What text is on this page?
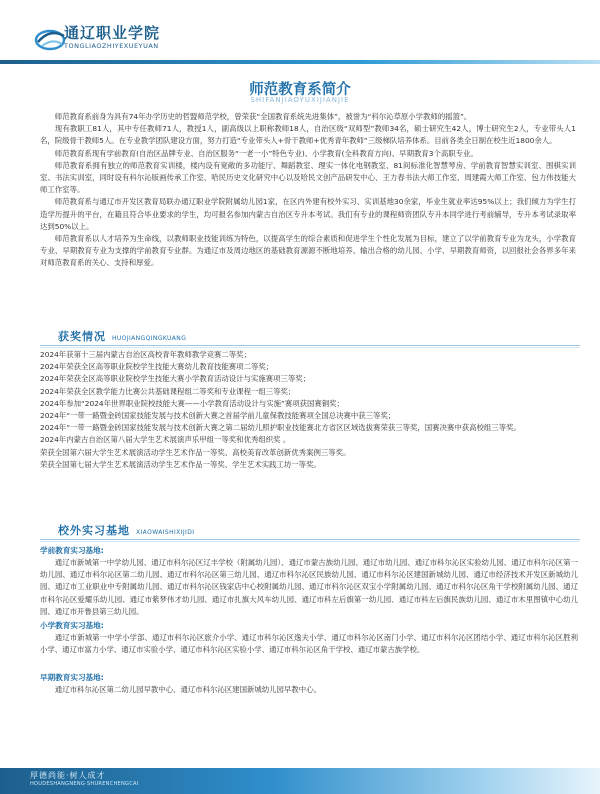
通辽职业学院
TONGLIAOZHIYEXUEYUAN
师范教育系简介
SHIFANJIAOYUXIJIANJIE

师范教育系前身为具有74年办学历史的哲盟师范学校，曾荣获“全国教育系统先进集体”，被誉为“科尔沁草原小学教师的摇篮”。

现有教职工81人，其中专任教师71人，教授1人，副高级以上职称教师18人，自治区级“双师型”教师34名，硕士研究生42人，博士研究生2人，专业带头人1名，院级骨干教师5人。在专业教学团队建设方面，努力打造“专业带头人+骨干教师+优秀青年教师”三级梯队培养体系。目前各类全日制在校生近1800余人。

师范教育系现有学前教育(自治区品牌专业、自治区服务“一老一小”特色专业)、小学教育(全科教育方向)、早期教育3个高职专业。

师范教育系拥有独立的师范教育实训楼，楼内设有宽敞的多功能厅、舞蹈教室、理实一体化电钢教室、81间标准化智慧琴房、学前教育智慧实训室、围棋实训室、书法实训室，同时设有科尔沁版画传承工作室、哈民历史文化研究中心以及哈民文创产品研发中心、王力春书法大师工作室、周建霞大师工作室、包力伟技能大师工作室等。

师范教育系与通辽市开发区教育局联办通辽职业学院附属幼儿园1家，在区内外建有校外实习、实训基地30余家，毕业生就业率达95%以上；我们倾力为学生打造学历提升的平台，在籍且符合毕业要求的学生，均可报名参加内蒙古自治区专升本考试。我们有专业的课程师资团队专升本同学进行考前辅导，专升本考试录取率达到50%以上。

师范教育系以人才培养为生命线，以教师职业技能训练为特色，以提高学生的综合素质和促进学生个性化发展为目标，建立了以学前教育专业为龙头，小学教育专业、早期教育专业为支撑的学前教育专业群。为通辽市及周边地区的基础教育源源不断地培养、输出合格的幼儿园、小学、早期教育师资，以回报社会各界多年来对师范教育系的关心、支持和厚爱。

获奖情况 HUOJIANGQINGKUANG
2024年获第十三届内蒙古自治区高校青年教师教学竞赛二等奖；
2024年荣获全区高等职业院校学生技能大赛幼儿教育技能赛项二等奖；
2024年荣获全区高等职业院校学生技能大赛小学教育活动设计与实施赛项三等奖；
2024年荣获全区教学能力比赛公共基础课程组二等奖和专业课程一组三等奖；
2024年参加“2024年世界职业院校技能大赛——小学教育活动设计与实施”赛项获国赛铜奖；
2024年“一带一路暨金砖国家技能发展与技术创新大赛之首届学前儿童保教技能赛项全国总决赛中获三等奖；
2024年“一带一路暨金砖国家技能发展与技术创新大赛之第二届幼儿照护职业技能赛北方省区区域选拔赛荣获三等奖，国赛决赛中获高校组三等奖。
2024年内蒙古自治区第八届大学生艺术展演声乐甲组一等奖和优秀组织奖 。
荣获全国第六届大学生艺术展演活动学生艺术作品一等奖、高校美育改革创新优秀案例三等奖。
荣获全国第七届大学生艺术展演活动学生艺术作品一等奖、学生艺术实践工坊一等奖。
校外实习基地 XIAOWAISHIXIJIDI
学前教育实习基地:
通辽市新城第一中学幼儿园、通辽市科尔沁区辽丰学校（附属幼儿园）、通辽市蒙古族幼儿园、通辽市幼儿园、通辽市科尔沁区实验幼儿园、通辽市科尔沁区第一幼儿园、通辽市科尔沁区第二幼儿园、通辽市科尔沁区第三幼儿园、通辽市科尔沁区民族幼儿园、通辽市科尔沁区建国新城幼儿园、通辽市经济技术开发区新城幼儿园、通辽市工业职业中专附属幼儿园、通辽市科尔沁区钱家店中心校附属幼儿园、通辽市科尔沁区双宝小学附属幼儿园、通辽市科尔沁区角干学校附属幼儿园、通辽市科尔沁区爱耀乐幼儿园、通辽市紫梦伟才幼儿园、通辽市扎旗大风车幼儿园、通辽市科左后旗第一幼儿园、通辽市科左后旗民族幼儿园、通辽市木里图镇中心幼儿园、通辽市开鲁县第三幼儿园。
小学教育实习基地:
通辽市新城第一中学小学部、通辽市科尔沁区旅介小学、通辽市科尔沁区逸夫小学、通辽市科尔沁区南门小学、通辽市科尔沁区团结小学、通辽市科尔沁区胜利小学、通辽市富力小学、通辽市实验小学、通辽市科尔沁区实验小学、通辽市科尔沁区角干学校、通辽市蒙古族学校。
早期教育实习基地:
通辽市科尔沁区第二幼儿园早教中心、通辽市科尔沁区建国新城幼儿园早教中心。
厚德尚能·树人成才
HOUDESHANGNENG·SHURENCHENGCAI
